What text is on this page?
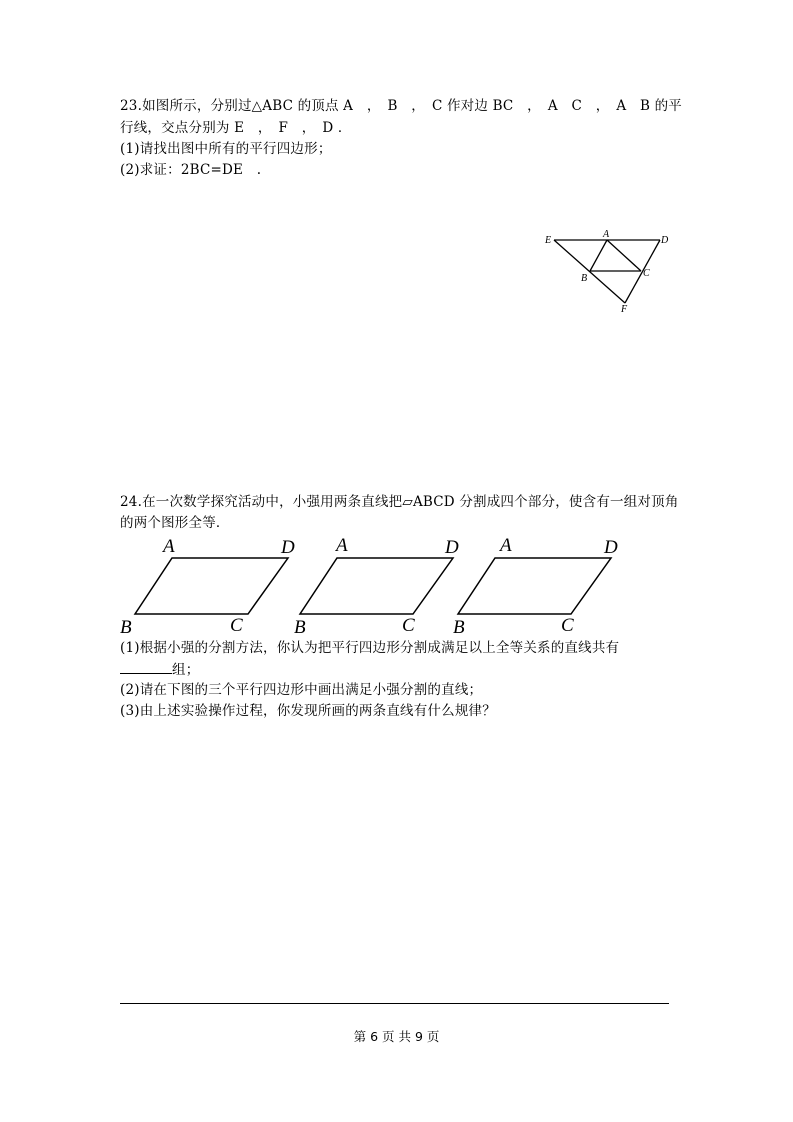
23.如图所示，分别过△ABC 的顶点 A　，　B　，　C 作对边 BC　，　A　C　，　A　B 的平
行线，交点分别为 E　，　F　，　D ．
(1)请找出图中所有的平行四边形；
(2)求证：2BC=DE　.
E
A
D
B	C
F
24.在一次数学探究活动中，小强用两条直线把▱ABCD 分割成四个部分，使含有一组对顶角
的两个图形全等．
A	D
B	C
A	D
B	C
A	D
B	C
(1)根据小强的分割方法，你认为把平行四边形分割成满足以上全等关系的直线共有
组；
(2)请在下图的三个平行四边形中画出满足小强分割的直线；
(3)由上述实验操作过程，你发现所画的两条直线有什么规律？
第 6 页 共 9 页
